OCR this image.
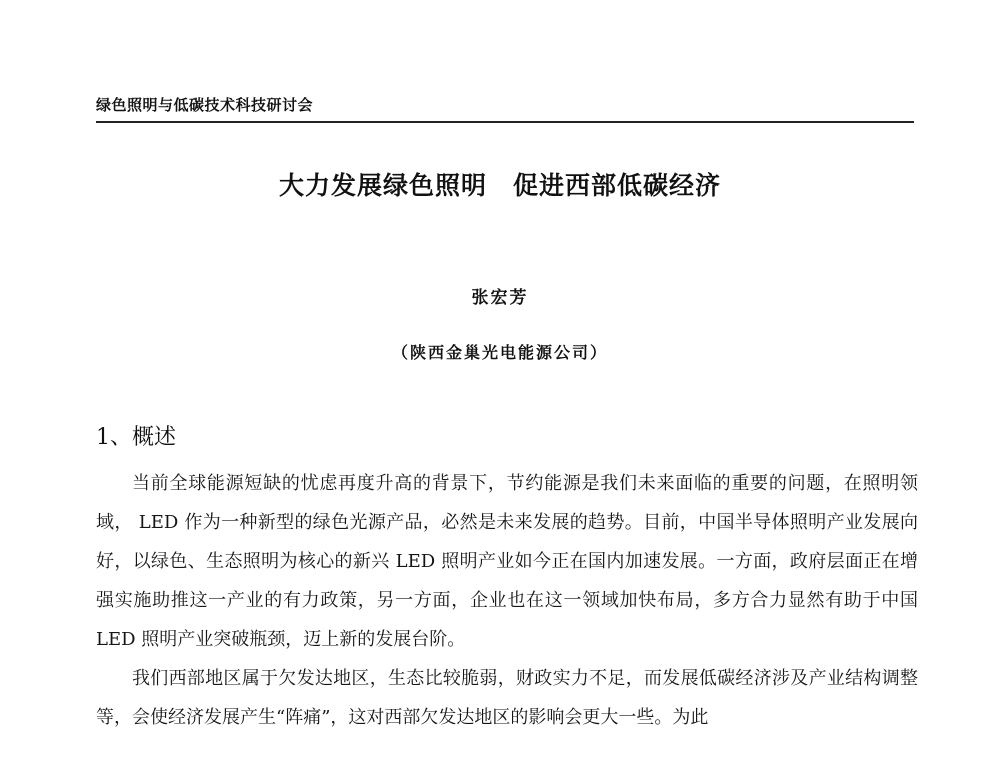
绿色照明与低碳技术科技研讨会
大力发展绿色照明　促进西部低碳经济
张宏芳
（陕西金巢光电能源公司）
1、概述

当前全球能源短缺的忧虑再度升高的背景下，节约能源是我们未来面临的重要的问题，在照明领域， LED 作为一种新型的绿色光源产品，必然是未来发展的趋势。目前，中国半导体照明产业发展向好，以绿色、生态照明为核心的新兴 LED 照明产业如今正在国内加速发展。一方面，政府层面正在增强实施助推这一产业的有力政策，另一方面，企业也在这一领域加快布局，多方合力显然有助于中国 LED 照明产业突破瓶颈，迈上新的发展台阶。

我们西部地区属于欠发达地区，生态比较脆弱，财政实力不足，而发展低碳经济涉及产业结构调整等，会使经济发展产生“阵痛”，这对西部欠发达地区的影响会更大一些。为此
